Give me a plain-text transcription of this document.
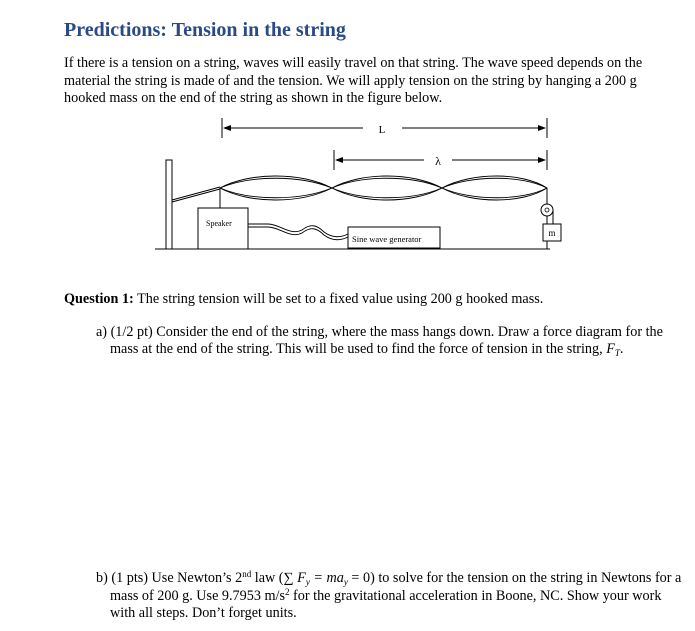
Predictions: Tension in the string
If there is a tension on a string, waves will easily travel on that string. The wave speed depends on the material the string is made of and the tension. We will apply tension on the string by hanging a 200 g hooked mass on the end of the string as shown in the figure below.
L
λ
Speaker
Sine wave generator
m
Question 1: The string tension will be set to a fixed value using 200 g hooked mass.
a) (1/2 pt) Consider the end of the string, where the mass hangs down. Draw a force diagram for the mass at the end of the string. This will be used to find the force of tension in the string, $F_T$.
b) (1 pts) Use Newton’s 2nd law (∑ $F_y = ma_y = 0$) to solve for the tension on the string in Newtons for a mass of 200 g. Use 9.7953 $m/s^2$ for the gravitational acceleration in Boone, NC. Show your work with all steps. Don’t forget units.
